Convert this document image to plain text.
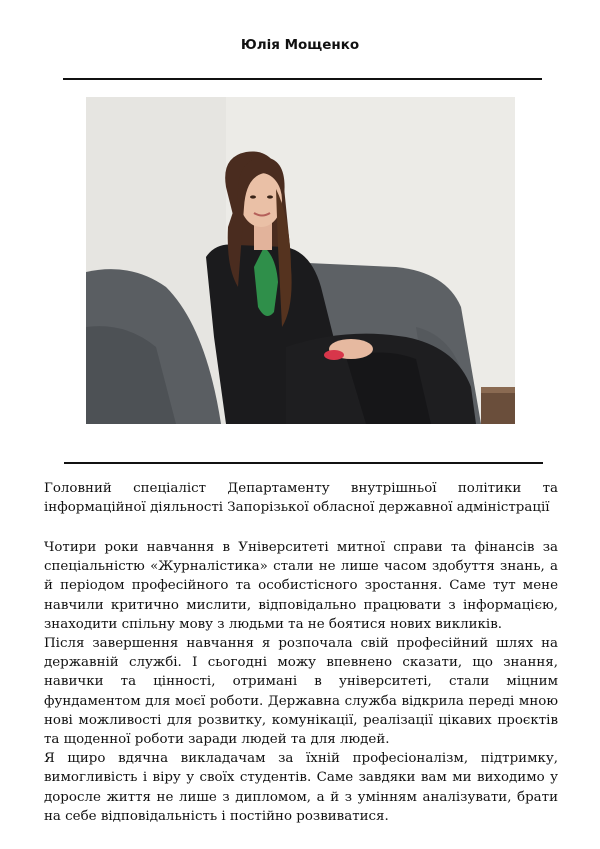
Юлія Мощенко
Головний спеціаліст Департаменту внутрішньої політики та інформаційної діяльності Запорізької обласної державної адміністрації

Чотири роки навчання в Університеті митної справи та фінансів за спеціальністю «Журналістика» стали не лише часом здобуття знань, а й періодом професійного та особистісного зростання. Саме тут мене навчили критично мислити, відповідально працювати з інформацією, знаходити спільну мову з людьми та не боятися нових викликів.

Після завершення навчання я розпочала свій професійний шлях на державній службі. І сьогодні можу впевнено сказати, що знання, навички та цінності, отримані в університеті, стали міцним фундаментом для моєї роботи. Державна служба відкрила переді мною нові можливості для розвитку, комунікації, реалізації цікавих проєктів та щоденної роботи заради людей та для людей.

Я щиро вдячна викладачам за їхній професіоналізм, підтримку, вимогливість і віру у своїх студентів. Саме завдяки вам ми виходимо у доросле життя не лише з дипломом, а й з умінням аналізувати, брати на себе відповідальність і постійно розвиватися.
